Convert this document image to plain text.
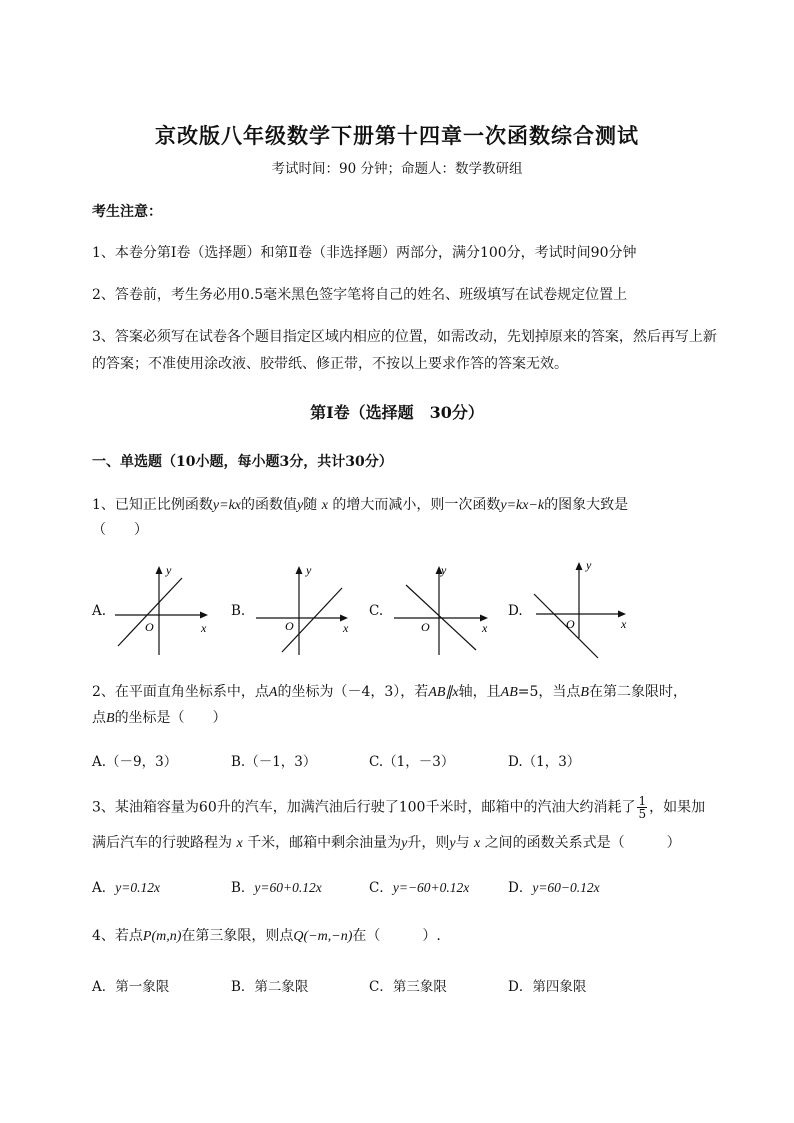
京改版八年级数学下册第十四章一次函数综合测试
考试时间：90 分钟；命题人：数学教研组
考生注意：
1、本卷分第Ⅰ卷（选择题）和第Ⅱ卷（非选择题）两部分，满分100分，考试时间90分钟
2、答卷前，考生务必用0.5毫米黑色签字笔将自己的姓名、班级填写在试卷规定位置上
3、答案必须写在试卷各个题目指定区域内相应的位置，如需改动，先划掉原来的答案，然后再写上新
的答案；不准使用涂改液、胶带纸、修正带，不按以上要求作答的答案无效。
第Ⅰ卷（选择题　30分）
一、单选题（10小题，每小题3分，共计30分）
1、已知正比例函数y=kx的函数值y随 x 的增大而减小，则一次函数y=kx−k的图象大致是
（　　）
A.	B.	C.	D.
y
x
O
y
x
O
y
x
O
y
x
O
2、在平面直角坐标系中，点A的坐标为（－4，3），若AB∥x轴，且AB=5，当点B在第二象限时，
点B的坐标是（　　）
A.（－9，3）	B.（－1，3）	C.（1，－3）	D.（1，3）
3、某油箱容量为60升的汽车，加满汽油后行驶了100千米时，邮箱中的汽油大约消耗了 $\frac{1}{5}$ ，如果加
满后汽车的行驶路程为 x 千米，邮箱中剩余油量为y升，则y与 x 之间的函数关系式是（　　　）
A．y=0.12x	B．y=60+0.12x	C．y=−60+0.12x	D．y=60−0.12x
4、若点P(m,n)在第三象限，则点Q(−m,−n)在（　　　）.
A．第一象限	B．第二象限	C．第三象限	D．第四象限
